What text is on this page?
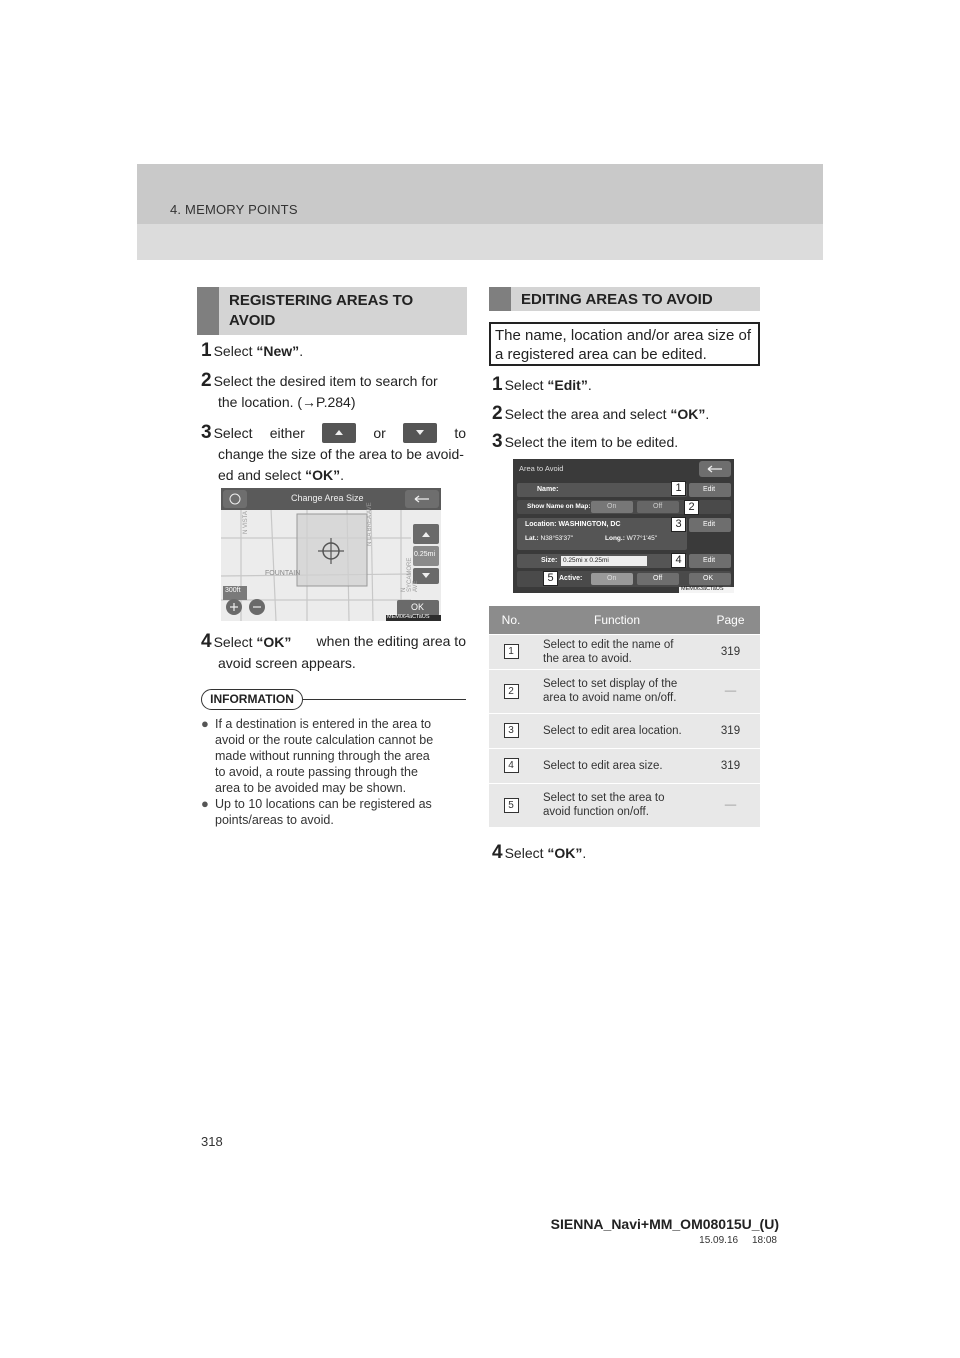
4. MEMORY POINTS
REGISTERING AREAS TO
AVOID
1 Select “New”.
2 Select the desired item to search for
the location. (→P.284)
3 Select either	or	to
change the size of the area to be avoid-
ed and select “OK”.
Change Area Size
0.25mi
300ft
OK
FOUNTAIN
N LA BREA AVE
N VISTA
N SYCAMORE AVE
MEM064aCTaUS
4 Select “OK” when the editing area to
avoid screen appears.
INFORMATION
● If a destination is entered in the area to
avoid or the route calculation cannot be
made without running through the area
to avoid, a route passing through the
area to be avoided may be shown.
● Up to 10 locations can be registered as
points/areas to avoid.
EDITING AREAS TO AVOID
The name, location and/or area size of
a registered area can be edited.
1 Select “Edit”.
2 Select the area and select “OK”.
3 Select the item to be edited.
Area to Avoid
Name:	Edit
Show Name on Map: On	Off
Location: WASHINGTON, DC
Lat.: N38°53'37"	Long.: W77°1'45"
Edit
Size: 0.25mi x 0.25mi	Edit
Active:	On	Off	OK
1
2
3
4
5
MEM063aCTaUS
No.	Function	Page
1	Select to edit the name of
the area to avoid.	319
2	Select to set display of the
area to avoid name on/off.	—
3	Select to edit area location.	319
4	Select to edit area size.	319
5	Select to set the area to
avoid function on/off.	—
4 Select “OK”.
318
SIENNA_Navi+MM_OM08015U_(U)
15.09.16     18:08
